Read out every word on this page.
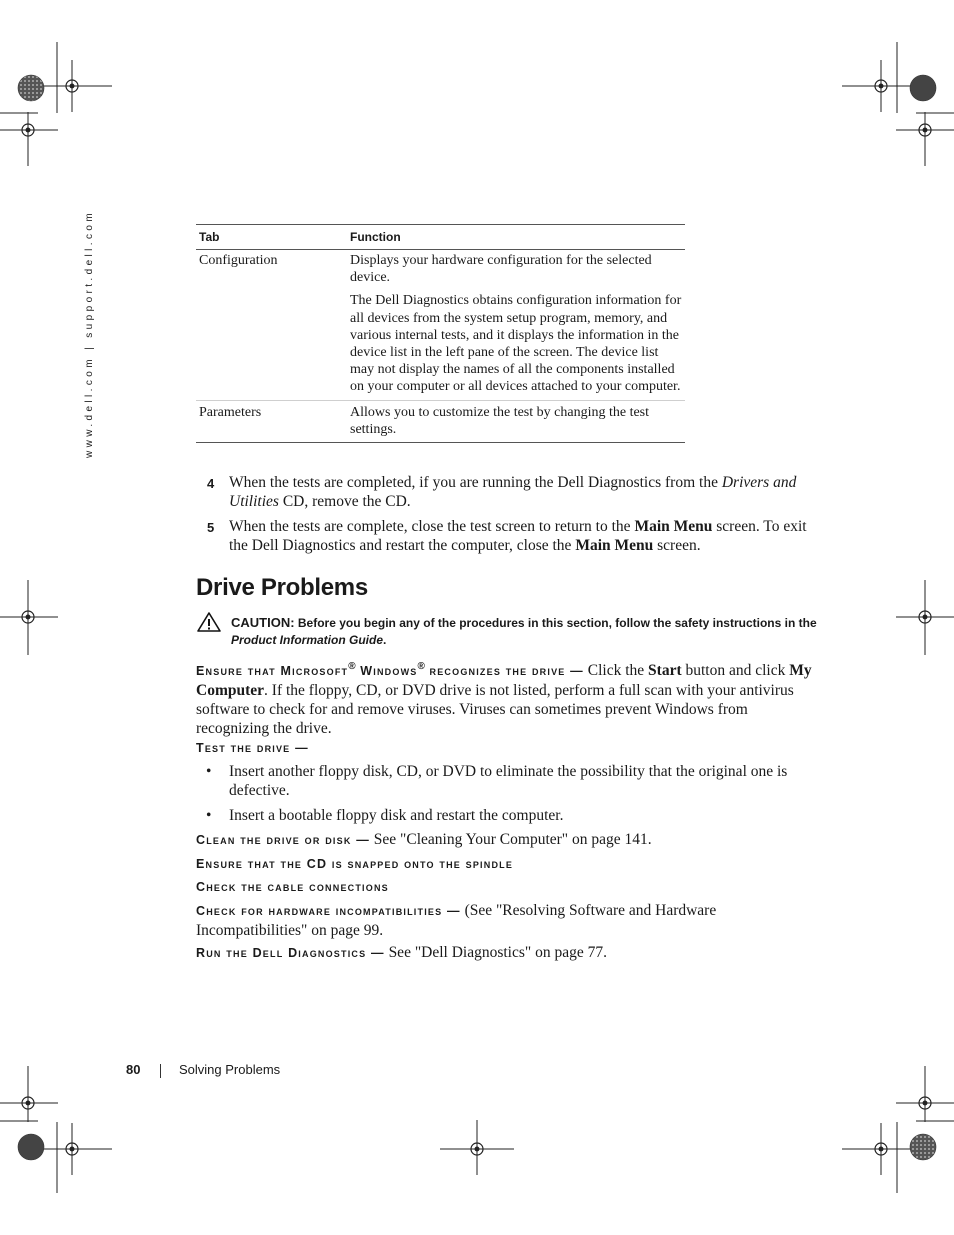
www.dell.com | support.dell.com	Tab	Function
Configuration	Displays your hardware configuration for the selected device.

The Dell Diagnostics obtains configuration information for all devices from the system setup program, memory, and various internal tests, and it displays the information in the device list in the left pane of the screen. The device list may not display the names of all the components installed on your computer or all devices attached to your computer.

Parameters	Allows you to customize the test by changing the test settings.

4 When the tests are completed, if you are running the Dell Diagnostics from the Drivers and Utilities CD, remove the CD.
5 When the tests are complete, close the test screen to return to the Main Menu screen. To exit the Dell Diagnostics and restart the computer, close the Main Menu screen.
Drive Problems
CAUTION: Before you begin any of the procedures in this section, follow the safety instructions in the Product Information Guide.
Ensure that Microsoft® Windows® recognizes the drive — Click the Start button and click My Computer. If the floppy, CD, or DVD drive is not listed, perform a full scan with your antivirus software to check for and remove viruses. Viruses can sometimes prevent Windows from recognizing the drive.
Test the drive —
• Insert another floppy disk, CD, or DVD to eliminate the possibility that the original one is defective.
• Insert a bootable floppy disk and restart the computer.
Clean the drive or disk — See "Cleaning Your Computer" on page 141.
Ensure that the CD is snapped onto the spindle
Check the cable connections
Check for hardware incompatibilities — (See "Resolving Software and Hardware Incompatibilities" on page 99.
Run the Dell Diagnostics — See "Dell Diagnostics" on page 77.
80	Solving Problems
